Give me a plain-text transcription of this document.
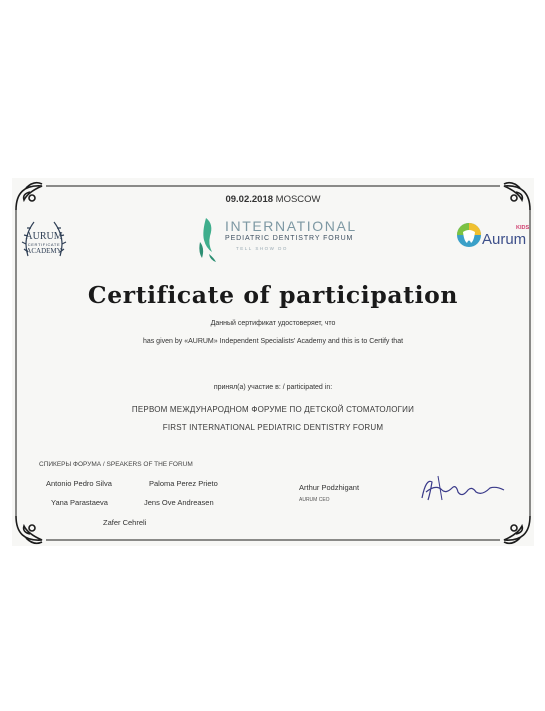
09.02.2018 MOSCOW
AURUM
CERTIFICATE
ACADEMY
INTERNATIONAL
PEDIATRIC DENTISTRY FORUM
TELL SHOW DO
KIDS
Aurum
Certificate of participation
Данный сертификат удостоверяет, что
has given by «AURUM» Independent Specialists' Academy and this is to Certify that
принял(а) участие в: / participated in:
ПЕРВОМ МЕЖДУНАРОДНОМ ФОРУМЕ ПО ДЕТСКОЙ СТОМАТОЛОГИИ
FIRST INTERNATIONAL PEDIATRIC DENTISTRY FORUM
СПИКЕРЫ ФОРУМА / SPEAKERS OF THE FORUM
Antonio Pedro Silva	Paloma Perez Prieto
Yana Parastaeva	Jens Ove Andreasen
Zafer Cehreli
Arthur Podzhigant
AURUM CEO
